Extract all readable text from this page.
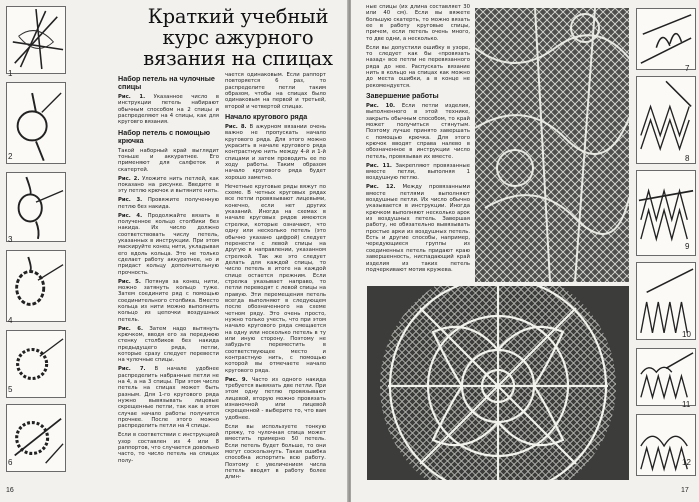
1
2
3
4
5
6
Краткий учебный
курс ажурного
вязания на спицах
Набор петель на чулочные спицы

Рис. 1. Указанное число в инструкции петель набирают обычным способом на 2 спицы и распределяют на 4 спицы, как для круговго вязания.

Набор петель с помощью крючка

Такой наборный край выглядит тоньше и аккуратнее. Его применяют для салфеток и скатертей.

Рис. 2. Уложите нить петлей, как показано на рисунке. Введите в эту петлю крючок и вытяните нить.

Рис. 3. Провяжите полученную петлю без накида.

Рис. 4. Продолжайте вязать в полученное кольцо столбики без накида. Их число должно соответствовать числу петель, указанных в инструкции. При этом маскируйте конец нити, укладывая его вдоль кольца. Это не только сделает работу аккуратнее, но и придаст кольцу дополнительную прочность.

Рис. 5. Потянув за конец нити, можно затянуть кольцо туже. Затем соедините ряд с помощью соединительного столбика. Вместо кольца из нити можно выполнить кольцо из цепочки воздушных петель.

Рис. 6. Затем надо вытянуть крючком, вводя его за переднюю стенку столбиков без накида предыдущего ряда, петли, которые сразу следует перевести на чулочные спицы.

Рис. 7. В начале удобнее распределить набранные петли не на 4, а на 3 спицы. При этом число петель на спицах может быть разным. Для 1-го кругового ряда нужно вывязывать лицевые скрещенные петли, так как в этом случае начало работы получится прочнее. После этого можно распределить петли на 4 спицы.

Если в соответствии с инструкцией узор составлен из 4 или 8 раппортов, что случается довольно часто, то число петель на спицах полу-

чается одинаковым. Если раппорт повторяется 6 раз, то распределите петли таким образом, чтобы на спицах было одинаковым на первой и третьей, второй и четвертой спицах.

Начало кругового ряда

Рис. 8. В ажурном вязании очень важно не пропускать начало кругового ряда. Для этого можно украсить в начале кругового ряда контрастную нить между 4-й и 1-й спицами и затем проводить ее по ходу работы. Таким образом начало кругового ряда будет хорошо заметно.

Нечетные круговые ряды вяжут по схеме. В четных круговых рядах все петли провязывают лицевыми, конечно, если нет других указаний. Иногда на схемах в начале круговых рядов имеются стрелки, которые означают, что одну или несколько петель (это обычно указано цифрой) следует перенести с левой спицы на другую в направлении, указанном стрелкой. Так же это следует делать для каждой спицы, то число петель в итоге на каждой спице остается прежним. Если стрелка указывает направо, то петли переводят с левой спицы на правую. Эти перемещения петель всегда выполняют в следующем после обозначенного на схеме четном ряду. Это очень просто, нужно только учесть, что при этом начало кругового ряда смещается на одну или несколько петель в ту или иную сторону. Поэтому не забудьте переместить в соответствующее место и контрастную нить, с помощью которой вы отмечаете начало кругового ряда.

Рис. 9. Часто из одного накида требуется вывязать две петли. При этом одну петлю провязывают лицевой, вторую можно провязать изнаночной или лицевой скрещенной - выберите то, что вам удобнее.

Если вы используете тонкую пряжу, то чулочная спица может вместить примерно 50 петель. Если петель будет больше, то они могут соскользнуть. Такая ошибка способна испортить всю работу. Поэтому с увеличением числа петель вводят в работу более длин-

16

ные спицы (их длина составляет 30 или 40 см). Если вы вяжете большую скатерть, то можно вязать ее в работу круговые спицы, причем, если петель очень много, то две одни, а несколько.

Если вы допустили ошибку в узоре, то следует как бы «провязать назад» все петли не перевязанного ряда до нее. Распускать вязание нить в кольцо на спицах как можно до места ошибки, а в конце не рекомендуется.

Завершение работы

Рис. 10. Если петли изделия, выполненного в этой технике, закрыть обычным способом, то край может получиться стянутым. Поэтому лучше принято завершать с помощью крючка. Для этого крючок вводят справа налево в обозначенное в инструкции число петель, провязывая их вместе.

Рис. 11. Закрепляют провязанные вместе петли, выполняя 1 воздушную петлю.

Рис. 12. Между провязанными вместе петлями выполняют воздушные петли. Их число обычно указывается в инструкции. Иногда крючком выполняют несколько арок из воздушных петель. Завершая работу, не обязательно вывязывать простые арки из воздушных петель. Есть и другие способы, например, чередующиеся группы из соединенных петель придают краю завершенность, ниспадающий край изделия из таких петель подчеркивают мотив кружева.

7
8
9
10
11
12
17
